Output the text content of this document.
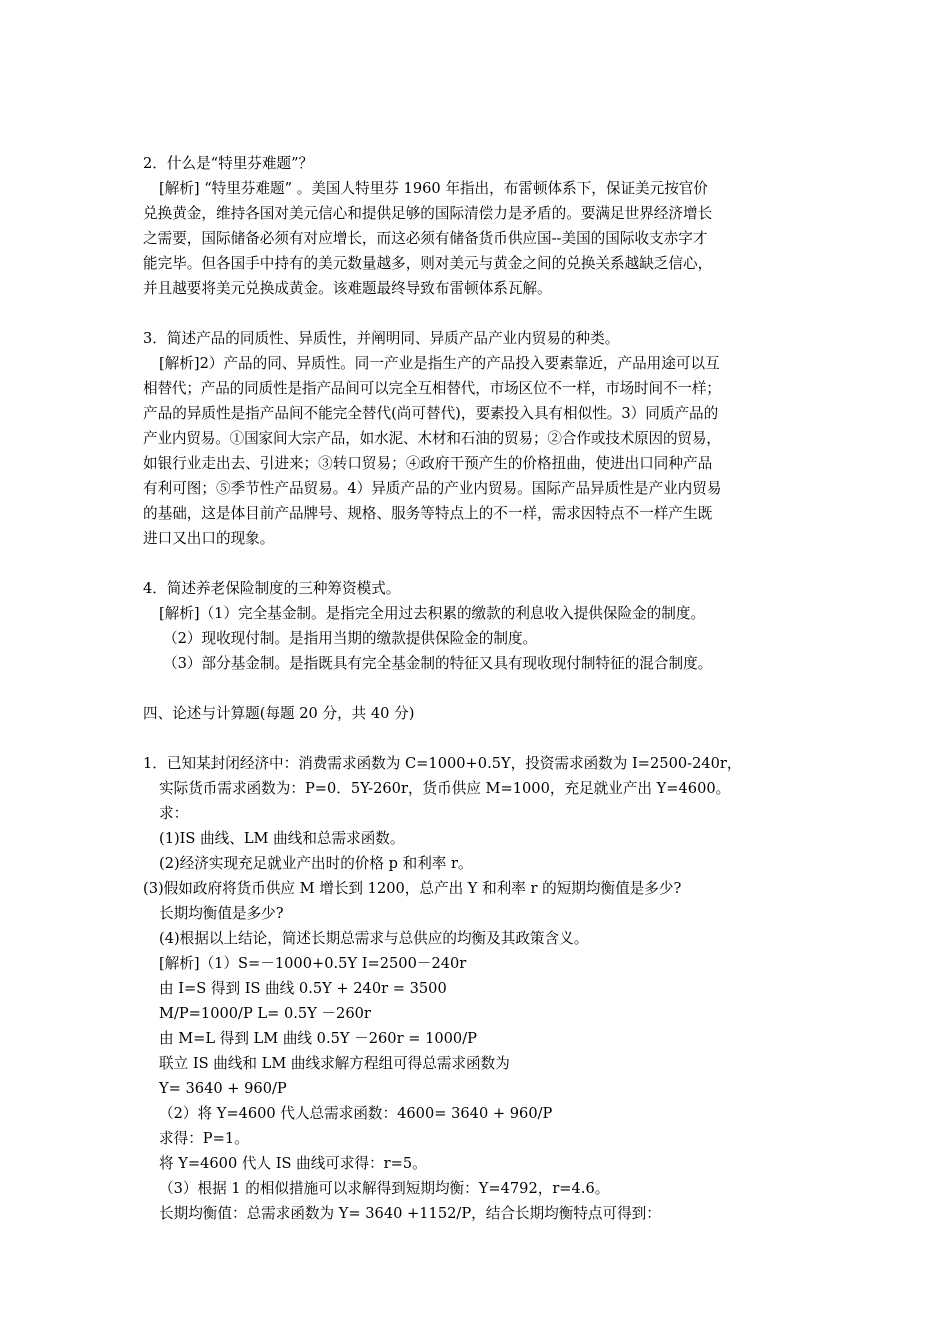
2．什么是“特里芬难题”？
[解析] “特里芬难题” 。美国人特里芬 1960 年指出，布雷顿体系下，保证美元按官价
兑换黄金，维持各国对美元信心和提供足够的国际清偿力是矛盾的。要满足世界经济增长
之需要，国际储备必须有对应增长，而这必须有储备货币供应国--美国的国际收支赤字才
能完毕。但各国手中持有的美元数量越多，则对美元与黄金之间的兑换关系越缺乏信心，
并且越要将美元兑换成黄金。该难题最终导致布雷顿体系瓦解。
3．简述产品的同质性、异质性，并阐明同、异质产品产业内贸易的种类。
[解析]2）产品的同、异质性。同一产业是指生产的产品投入要素靠近，产品用途可以互
相替代；产品的同质性是指产品间可以完全互相替代，市场区位不一样，市场时间不一样；
产品的异质性是指产品间不能完全替代(尚可替代)，要素投入具有相似性。3）同质产品的
产业内贸易。①国家间大宗产品，如水泥、木材和石油的贸易；②合作或技术原因的贸易，
如银行业走出去、引进来；③转口贸易；④政府干预产生的价格扭曲，使进出口同种产品
有利可图；⑤季节性产品贸易。4）异质产品的产业内贸易。国际产品异质性是产业内贸易
的基础，这是体目前产品牌号、规格、服务等特点上的不一样，需求因特点不一样产生既
进口又出口的现象。
4．简述养老保险制度的三种筹资模式。
[解析]（1）完全基金制。是指完全用过去积累的缴款的利息收入提供保险金的制度。
（2）现收现付制。是指用当期的缴款提供保险金的制度。
（3）部分基金制。是指既具有完全基金制的特征又具有现收现付制特征的混合制度。
四、论述与计算题(每题 20 分，共 40 分)
1．已知某封闭经济中：消费需求函数为 C=1000+0.5Y，投资需求函数为 I=2500-240r，
实际货币需求函数为：P=0．5Y-260r，货币供应 M=1000，充足就业产出 Y=4600。
求：
(1)IS 曲线、LM 曲线和总需求函数。
(2)经济实现充足就业产出时的价格 p 和利率 r。
(3)假如政府将货币供应 M 增长到 1200，总产出 Y 和利率 r 的短期均衡值是多少?
长期均衡值是多少?
(4)根据以上结论，简述长期总需求与总供应的均衡及其政策含义。
[解析]（1）S=－1000+0.5Y I=2500－240r
由 I=S 得到 IS 曲线 0.5Y + 240r = 3500
M/P=1000/P L= 0.5Y －260r
由 M=L 得到 LM 曲线 0.5Y －260r = 1000/P
联立 IS 曲线和 LM 曲线求解方程组可得总需求函数为
Y= 3640 + 960/P
（2）将 Y=4600 代人总需求函数：4600= 3640 + 960/P
求得：P=1。
将 Y=4600 代人 IS 曲线可求得：r=5。
（3）根据 1 的相似措施可以求解得到短期均衡：Y=4792，r=4.6。
长期均衡值：总需求函数为 Y= 3640 +1152/P，结合长期均衡特点可得到：
